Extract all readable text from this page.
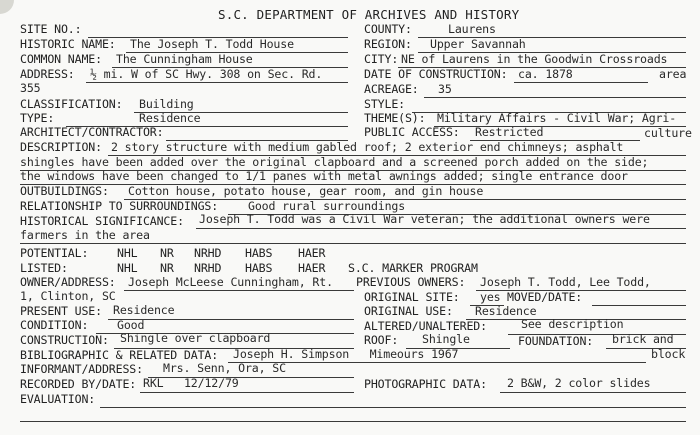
S.C. DEPARTMENT OF ARCHIVES AND HISTORY
SITE NO.:	COUNTY:	Laurens
HISTORIC NAME: The Joseph T. Todd House	REGION: Upper Savannah
COMMON NAME: The Cunningham House	CITY: NE of Laurens in the Goodwin Crossroads
ADDRESS: ½ mi. W of SC Hwy. 308 on Sec. Rd.	DATE OF CONSTRUCTION: ca. 1878	area
355	ACREAGE: 35
CLASSIFICATION: Building	STYLE:
TYPE:	Residence	THEME(S): Military Affairs - Civil War; Agri-
ARCHITECT/CONTRACTOR:	PUBLIC ACCESS: Restricted	culture
DESCRIPTION: 2 story structure with medium gabled roof; 2 exterior end chimneys; asphalt
shingles have been added over the original clapboard and a screened porch added on the side;
the windows have been changed to 1/1 panes with metal awnings added; single entrance door
OUTBUILDINGS: Cotton house, potato house, gear room, and gin house
RELATIONSHIP TO SURROUNDINGS:	Good rural surroundings
HISTORICAL SIGNIFICANCE: Joseph T. Todd was a Civil War veteran; the additional owners were
farmers in the area
POTENTIAL: NHL NR NRHD HABS HAER
LISTED:	NHL NR NRHD HABS HAER S.C. MARKER PROGRAM
OWNER/ADDRESS: Joseph McLeese Cunningham, Rt. PREVIOUS OWNERS: Joseph T. Todd, Lee Todd,
1, Clinton, SC	ORIGINAL SITE: yes MOVED/DATE:
PRESENT USE: Residence	ORIGINAL USE: Residence
CONDITION: Good	ALTERED/UNALTERED:	See description
CONSTRUCTION: Shingle over clapboard	ROOF: Shingle	FOUNDATION: brick and
BIBLIOGRAPHIC & RELATED DATA: Joseph H. Simpson   Mimeours 1967	block
INFORMANT/ADDRESS: Mrs. Senn, Ora, SC
RECORDED BY/DATE: RKL   12/12/79	PHOTOGRAPHIC DATA: 2 B&W, 2 color slides
EVALUATION:
